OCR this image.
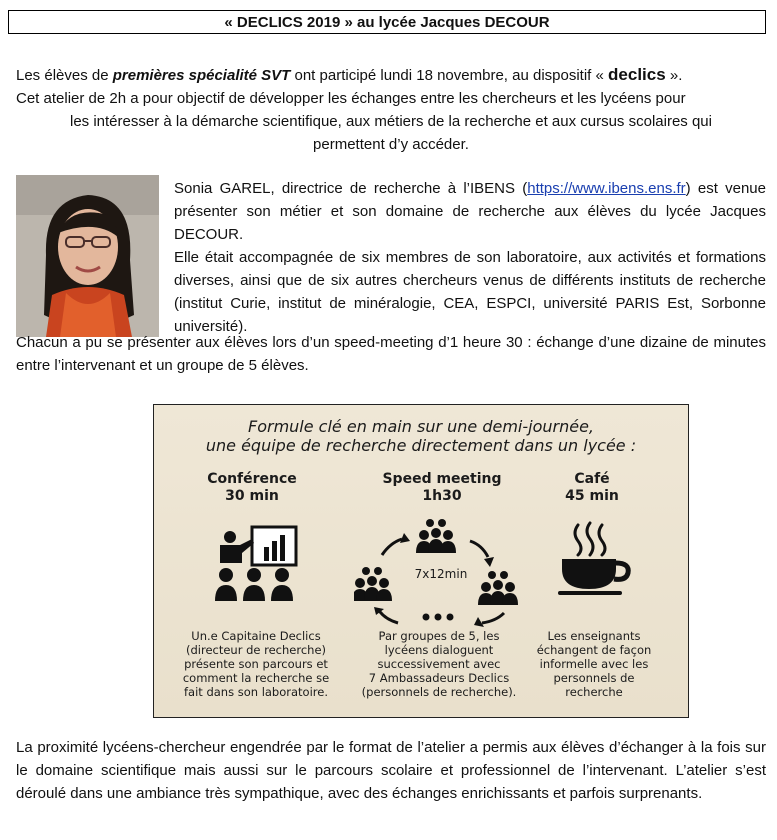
« DECLICS 2019 » au lycée Jacques DECOUR
Les élèves de premières spécialité SVT ont participé lundi 18 novembre, au dispositif « declics ».
Cet atelier de 2h a pour objectif de développer les échanges entre les chercheurs et les lycéens pour
les intéresser à la démarche scientifique, aux métiers de la recherche et aux cursus scolaires qui
permettent d’y accéder.
Sonia GAREL, directrice de recherche à l’IBENS (https://www.ibens.ens.fr) est venue présenter son métier et son domaine de recherche aux élèves du lycée Jacques DECOUR.
Elle était accompagnée de six membres de son laboratoire, aux activités et formations diverses, ainsi que de six autres chercheurs venus de différents instituts de recherche (institut Curie, institut de minéralogie, CEA, ESPCI, université PARIS Est, Sorbonne université).
Chacun a pu se présenter aux élèves lors d’un speed-meeting d’1 heure 30 : échange d’une dizaine de minutes entre l’intervenant et un groupe de 5 élèves.
Formule clé en main sur une demi-journée,
une équipe de recherche directement dans un lycée :
Conférence
30 min
Un.e Capitaine Declics
(directeur de recherche)
présente son parcours et
comment la recherche se
fait dans son laboratoire.
Speed meeting
1h30
7x12min
Par groupes de 5, les
lycéens dialoguent
successivement avec
7 Ambassadeurs Declics
(personnels de recherche).
Café
45 min
Les enseignants
échangent de façon
informelle avec les
personnels de
recherche
La proximité lycéens-chercheur engendrée par le format de l’atelier a permis aux élèves d’échanger à la fois sur le domaine scientifique mais aussi sur le parcours scolaire et professionnel de l’intervenant. L’atelier s’est déroulé dans une ambiance très sympathique, avec des échanges enrichissants et parfois surprenants.
